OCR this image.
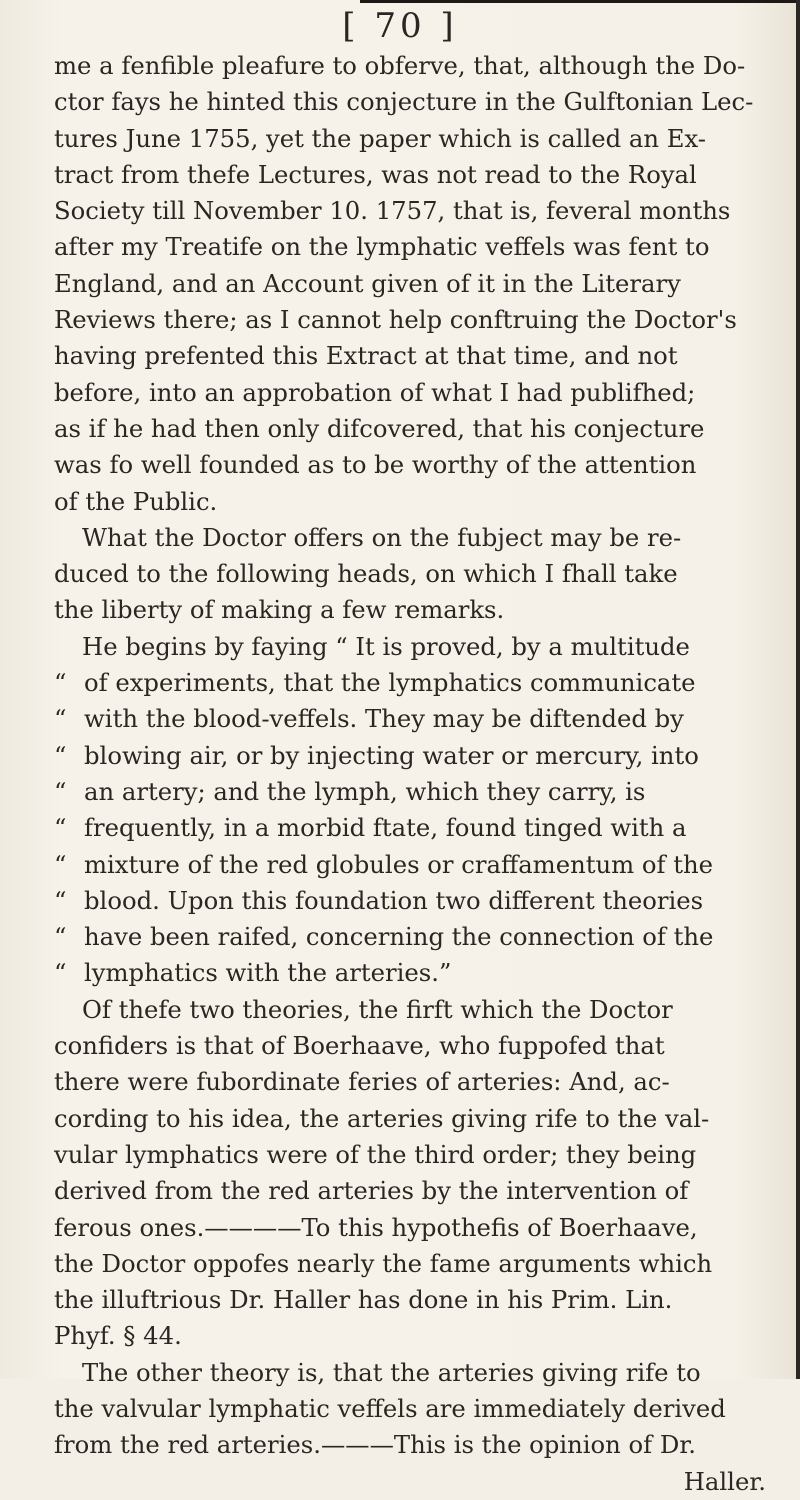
[ 70 ]
me a fenfible pleafure to obferve, that, although the Do-
ctor fays he hinted this conjecture in the Gulftonian Lec-
tures June 1755, yet the paper which is called an Ex-
tract from thefe Lectures, was not read to the Royal
Society till November 10. 1757, that is, feveral months
after my Treatife on the lymphatic veffels was fent to
England, and an Account given of it in the Literary
Reviews there; as I cannot help conftruing the Doctor's
having prefented this Extract at that time, and not
before, into an approbation of what I had publifhed;
as if he had then only difcovered, that his conjecture
was fo well founded as to be worthy of the attention
of the Public.
What the Doctor offers on the fubject may be re-
duced to the following heads, on which I fhall take
the liberty of making a few remarks.
He begins by faying “ It is proved, by a multitude
“ of experiments, that the lymphatics communicate
“ with the blood-veffels. They may be diftended by
“ blowing air, or by injecting water or mercury, into
“ an artery; and the lymph, which they carry, is
“ frequently, in a morbid ftate, found tinged with a
“ mixture of the red globules or craffamentum of the
“ blood. Upon this foundation two different theories
“ have been raifed, concerning the connection of the
“ lymphatics with the arteries.”
Of thefe two theories, the firft which the Doctor
confiders is that of Boerhaave, who fuppofed that
there were fubordinate feries of arteries: And, ac-
cording to his idea, the arteries giving rife to the val-
vular lymphatics were of the third order; they being
derived from the red arteries by the intervention of
ferous ones.————To this hypothefis of Boerhaave,
the Doctor oppofes nearly the fame arguments which
the illuftrious Dr. Haller has done in his Prim. Lin.
Phyf. § 44.
The other theory is, that the arteries giving rife to
the valvular lymphatic veffels are immediately derived
from the red arteries.———This is the opinion of Dr.
Haller.
